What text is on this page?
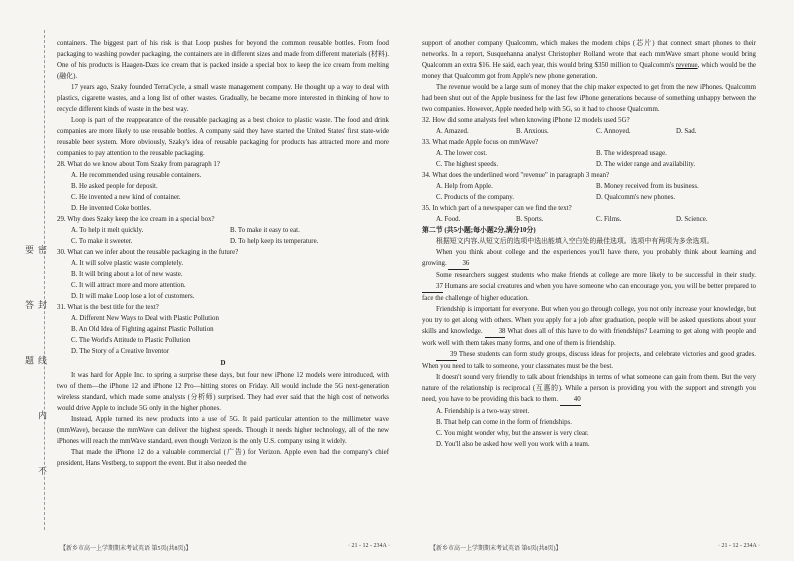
密 封 线 内 不 要 答 题

containers. The biggest part of his risk is that Loop pushes for beyond the common reusable bottles. From food packaging to washing powder packaging, the containers are in different sizes and made from different materials (材料). One of his products is Haagen-Dazs ice cream that is packed inside a special box to keep the ice cream from melting (融化).

17 years ago, Szaky founded TerraCycle, a small waste management company. He thought up a way to deal with plastics, cigarette wastes, and a long list of other wastes. Gradually, he became more interested in thinking of how to recycle different kinds of waste in the best way.

Loop is part of the reappearance of the reusable packaging as a best choice to plastic waste. The food and drink companies are more likely to use reusable bottles. A company said they have started the United States' first state-wide reusable beer system. More obviously, Szaky's idea of reusable packaging for products has attracted more and more companies to pay attention to the reusable packaging.

28. What do we know about Tom Szaky from paragraph 1?
A. He recommended using reusable containers.
B. He asked people for deposit.
C. He invented a new kind of container.
D. He invented Coke bottles.
29. Why does Szaky keep the ice cream in a special box?
A. To help it melt quickly.	B. To make it easy to eat.
C. To make it sweeter.	D. To help keep its temperature.
30. What can we infer about the reusable packaging in the future?
A. It will solve plastic waste completely.
B. It will bring about a lot of new waste.
C. It will attract more and more attention.
D. It will make Loop lose a lot of customers.
31. What is the best title for the text?
A. Different New Ways to Deal with Plastic Pollution
B. An Old Idea of Fighting against Plastic Pollution
C. The World's Attitude to Plastic Pollution
D. The Story of a Creative Inventor
D

It was hard for Apple Inc. to spring a surprise these days, but four new iPhone 12 models were introduced, with two of them—the iPhone 12 and iPhone 12 Pro—hitting stores on Friday. All would include the 5G next-generation wireless standard, which made some analysts (分析师) surprised. They had ever said that the high cost of networks would drive Apple to include 5G only in the higher phones.

Instead, Apple turned its new products into a use of 5G. It paid particular attention to the millimeter wave (mmWave), because the mmWave can deliver the highest speeds. Though it needs higher technology, all of the new iPhones will reach the mmWave standard, even though Verizon is the only U.S. company using it widely.

That made the iPhone 12 do a valuable commercial (广告) for Verizon. Apple even had the company's chief president, Hans Vestberg, to support the event. But it also needed the

support of another company Qualcomm, which makes the modem chips (芯片) that connect smart phones to their networks. In a report, Susquehanna analyst Christopher Rolland wrote that each mmWave smart phone would bring Qualcomm an extra $16. He said, each year, this would bring $350 million to Qualcomm's revenue, which would be the money that Qualcomm got from Apple's new phone generation.

The revenue would be a large sum of money that the chip maker expected to get from the new iPhones. Qualcomm had been shut out of the Apple business for the last few iPhone generations because of something unhappy between the two companies. However, Apple needed help with 5G, so it had to choose Qualcomm.

32. How did some analysts feel when knowing iPhone 12 models used 5G?
A. Amazed.	B. Anxious.	C. Annoyed.	D. Sad.
33. What made Apple focus on mmWave?
A. The lower cost.	B. The widespread usage.
C. The highest speeds.	D. The wider range and availability.
34. What does the underlined word "revenue" in paragraph 3 mean?
A. Help from Apple.	B. Money received from its business.
C. Products of the company.	D. Qualcomm's new phones.
35. In which part of a newspaper can we find the text?
A. Food.	B. Sports.	C. Films.	D. Science.
第二节 (共5小题;每小题2分,满分10分)

根据短文内容,从短文后的选项中选出能填入空白处的最佳选项。选项中有两项为多余选项。

When you think about college and the experiences you'll have there, you probably think about learning and growing. 36

Some researchers suggest students who make friends at college are more likely to be successful in their study. 37 Humans are social creatures and when you have someone who can encourage you, you will be better prepared to face the challenge of higher education.

Friendship is important for everyone. But when you go through college, you not only increase your knowledge, but you try to get along with others. When you apply for a job after graduation, people will be asked questions about your skills and knowledge. 38 What does all of this have to do with friendships? Learning to get along with people and work well with them takes many forms, and one of them is friendship.

39 These students can form study groups, discuss ideas for projects, and celebrate victories and good grades. When you need to talk to someone, your classmates must be the best.

It doesn't sound very friendly to talk about friendships in terms of what someone can gain from them. But the very nature of the relationship is reciprocal (互惠的). While a person is providing you with the support and strength you need, you have to be providing this back to them. 40

A. Friendship is a two-way street.
B. That help can come in the form of friendships.
C. You might wonder why, but the answer is very clear.
D. You'll also be asked how well you work with a team.
【新乡市高一上学期期末考试英语 第5页(共8页)】	· 21 - 12 - 234A ·	【新乡市高一上学期期末考试英语 第6页(共8页)】	· 21 - 12 - 234A ·
